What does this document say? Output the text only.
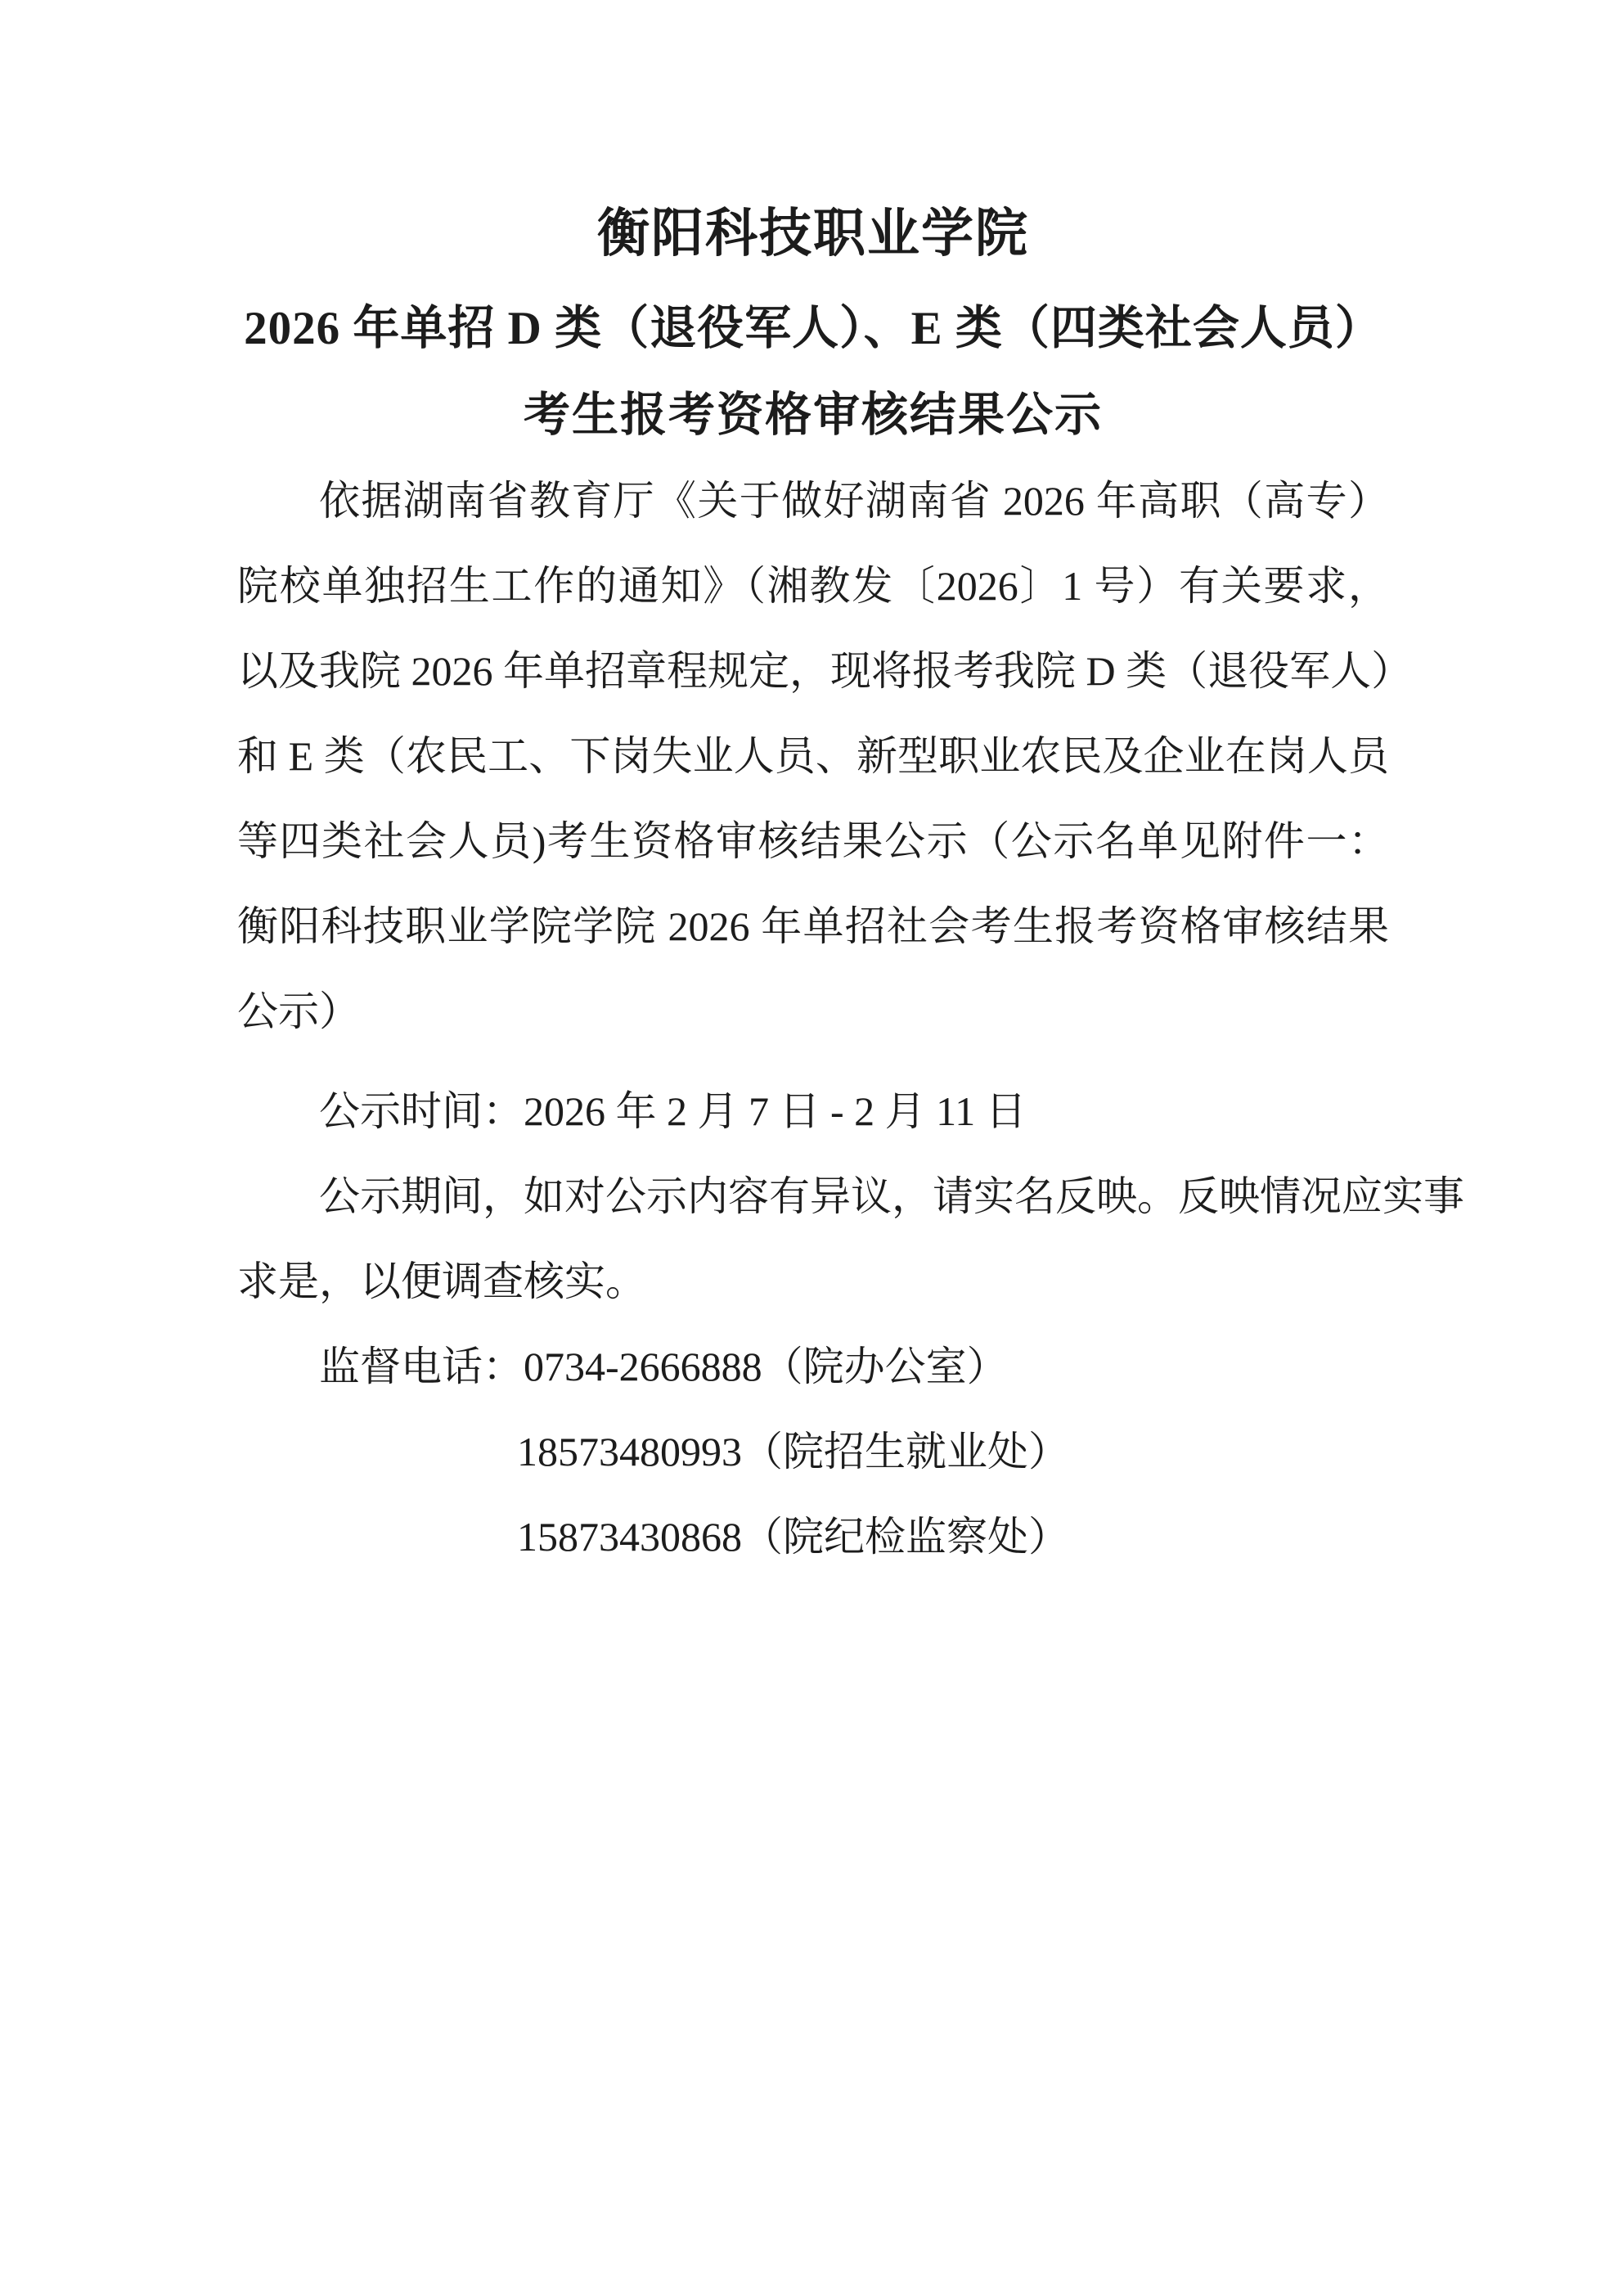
衡阳科技职业学院
2026 年单招 D 类（退役军人）、E 类（四类社会人员）
考生报考资格审核结果公示
依据湖南省教育厅《关于做好湖南省 2026 年高职（高专）
院校单独招生工作的通知》（湘教发〔2026〕1 号）有关要求，
以及我院 2026 年单招章程规定，现将报考我院 D 类（退役军人）
和 E 类（农民工、下岗失业人员、新型职业农民及企业在岗人员
等四类社会人员)考生资格审核结果公示（公示名单见附件一：
衡阳科技职业学院学院 2026 年单招社会考生报考资格审核结果
公示）
公示时间：2026 年 2 月 7 日 - 2 月 11 日
公示期间，如对公示内容有异议，请实名反映。反映情况应实事
求是，以便调查核实。
监督电话：0734-2666888（院办公室）
18573480993（院招生就业处）
15873430868（院纪检监察处）
